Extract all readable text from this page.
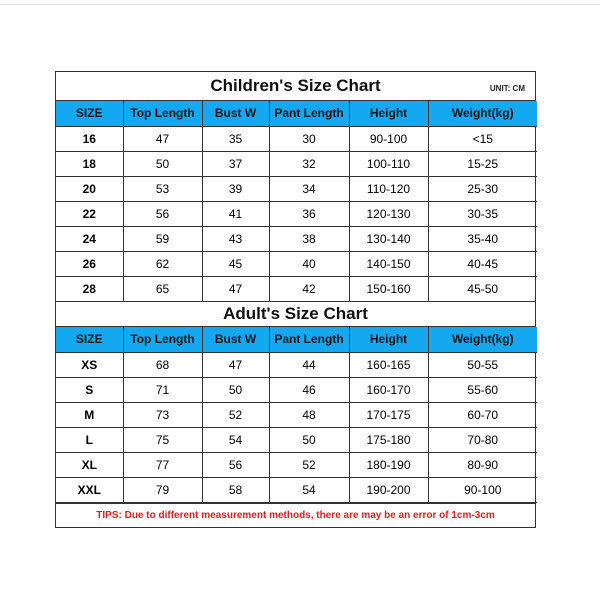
Children's Size Chart	UNIT: CM
SIZE	Top Length	Bust W	Pant Length	Height	Weight(kg)
16	47	35	30	90-100	<15
18	50	37	32	100-110	15-25
20	53	39	34	110-120	25-30
22	56	41	36	120-130	30-35
24	59	43	38	130-140	35-40
26	62	45	40	140-150	40-45
28	65	47	42	150-160	45-50
Adult's Size Chart
SIZE	Top Length	Bust W	Pant Length	Height	Weight(kg)
XS	68	47	44	160-165	50-55
S	71	50	46	160-170	55-60
M	73	52	48	170-175	60-70
L	75	54	50	175-180	70-80
XL	77	56	52	180-190	80-90
XXL	79	58	54	190-200	90-100
TIPS: Due to different measurement methods, there are may be an error of 1cm-3cm
